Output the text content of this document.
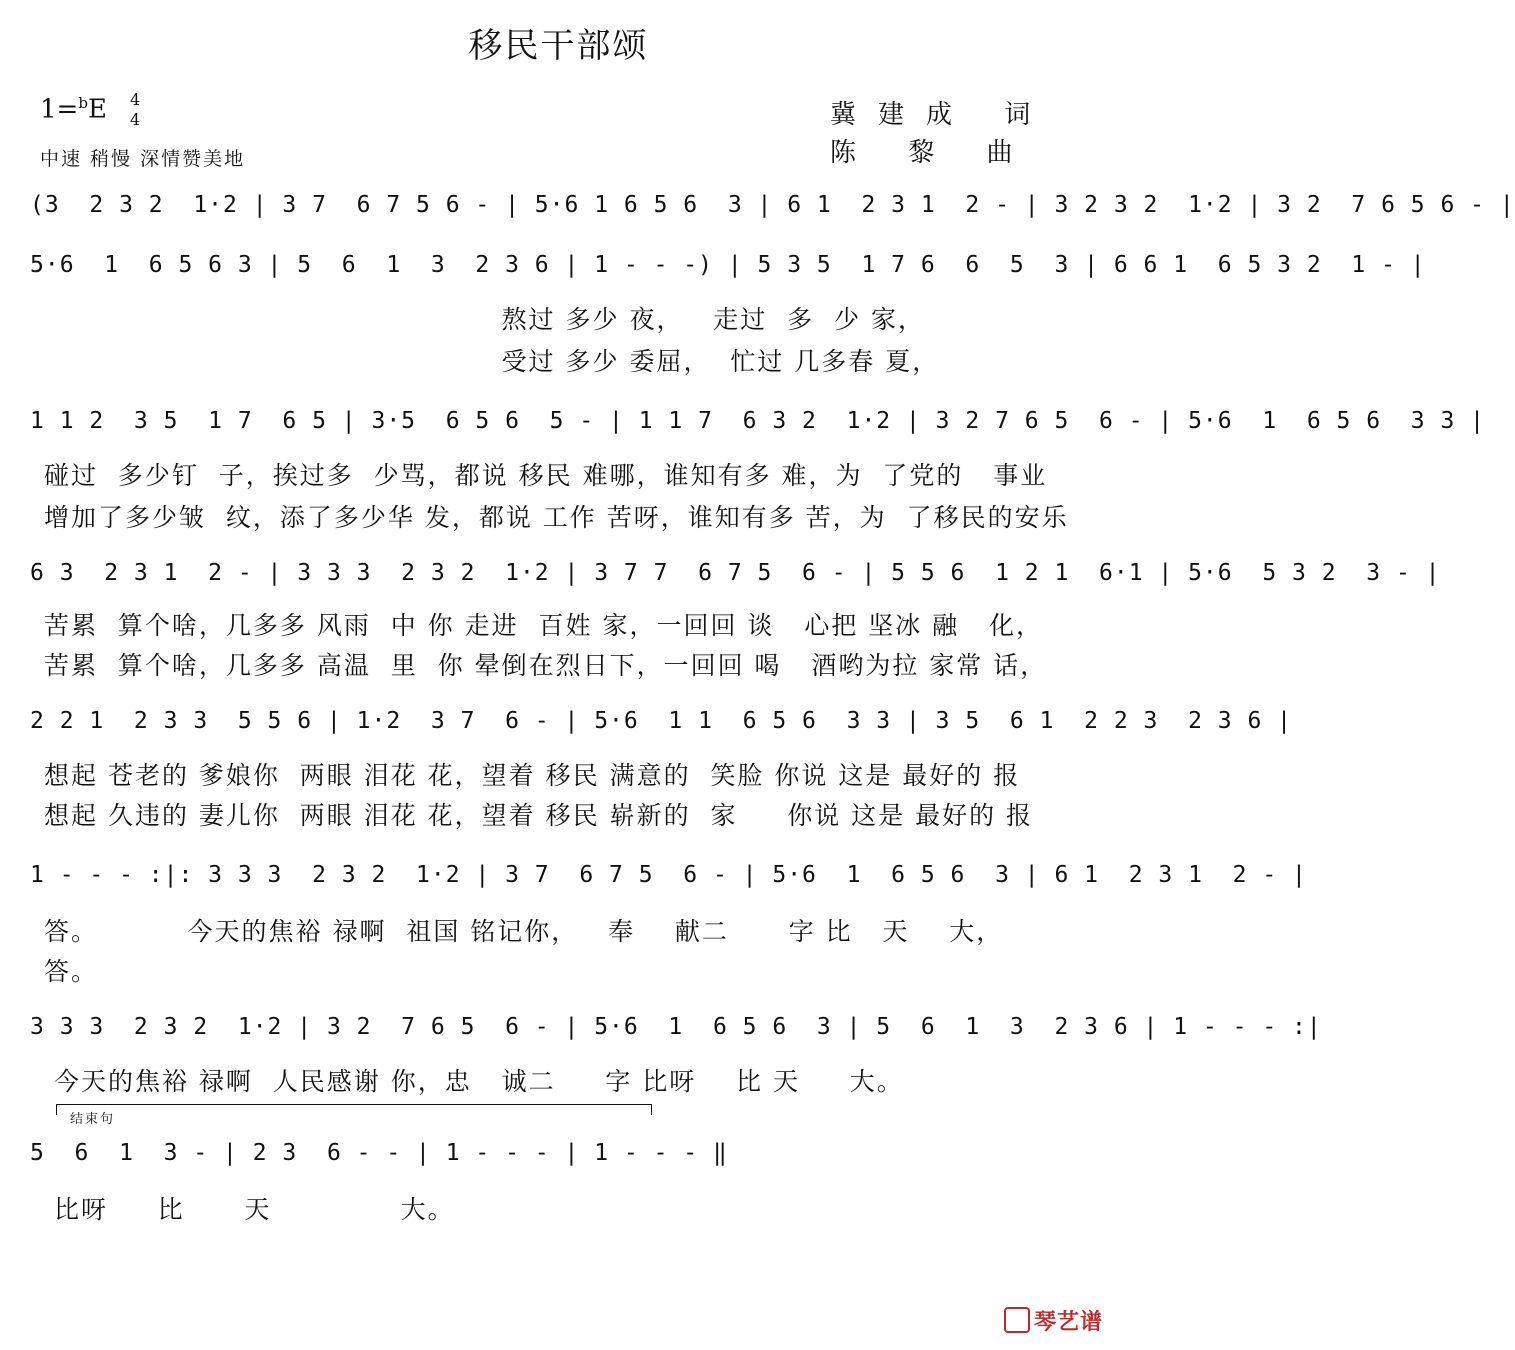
移民干部颂
1=$^b$E 4
4
中速 稍慢 深情赞美地
冀建成 词
陈 黎 曲
(3  2 3 2  1·2 | 3 7  6 7 5 6 - | 5·6 1 6 5 6  3 | 6 1  2 3 1  2 - | 3 2 3 2  1·2 | 3 2  7 6 5 6 - |
5·6  1  6 5 6 3 | 5  6  1  3  2 3 6 | 1 - - -) | 5 3 5  1 7 6  6  5  3 | 6 6 1  6 5 3 2  1 - |
1 1 2  3 5  1 7  6 5 | 3·5  6 5 6  5 - | 1 1 7  6 3 2  1·2 | 3 2 7 6 5  6 - | 5·6  1  6 5 6  3 3 |
6 3  2 3 1  2 - | 3 3 3  2 3 2  1·2 | 3 7 7  6 7 5  6 - | 5 5 6  1 2 1  6·1 | 5·6  5 3 2  3 - |
2 2 1  2 3 3  5 5 6 | 1·2  3 7  6 - | 5·6  1 1  6 5 6  3 3 | 3 5  6 1  2 2 3  2 3 6 |
1 - - - :|: 3 3 3  2 3 2  1·2 | 3 7  6 7 5  6 - | 5·6  1  6 5 6  3 | 6 1  2 3 1  2 - |
3 3 3  2 3 2  1·2 | 3 2  7 6 5  6 - | 5·6  1  6 5 6  3 | 5  6  1  3  2 3 6 | 1 - - - :|
5  6  1  3 - | 2 3  6 - - | 1 - - - | 1 - - - ‖
熬过 多少 夜，   走过  多  少 家，
受过 多少 委屈，  忙过 几多春 夏，
碰过  多少钉  子，挨过多  少骂，都说 移民 难哪，谁知有多 难，为  了党的   事业
增加了多少皱  纹，添了多少华 发，都说 工作 苦呀，谁知有多 苦，为  了移民的安乐
苦累  算个啥，几多多 风雨  中 你 走进  百姓 家，一回回 谈   心把 坚冰 融   化，
苦累  算个啥，几多多 高温  里  你 晕倒在烈日下，一回回 喝   酒哟为拉 家常 话，
想起 苍老的 爹娘你  两眼 泪花 花，望着 移民 满意的  笑脸 你说 这是 最好的 报
想起 久违的 妻儿你  两眼 泪花 花，望着 移民 崭新的  家     你说 这是 最好的 报
答。         今天的焦裕 禄啊  祖国 铭记你，   奉    献二      字 比   天    大，
答。
今天的焦裕 禄啊  人民感谢 你，忠   诚二     字 比呀    比 天     大。
结束句
比呀     比      天             大。
琴艺谱
